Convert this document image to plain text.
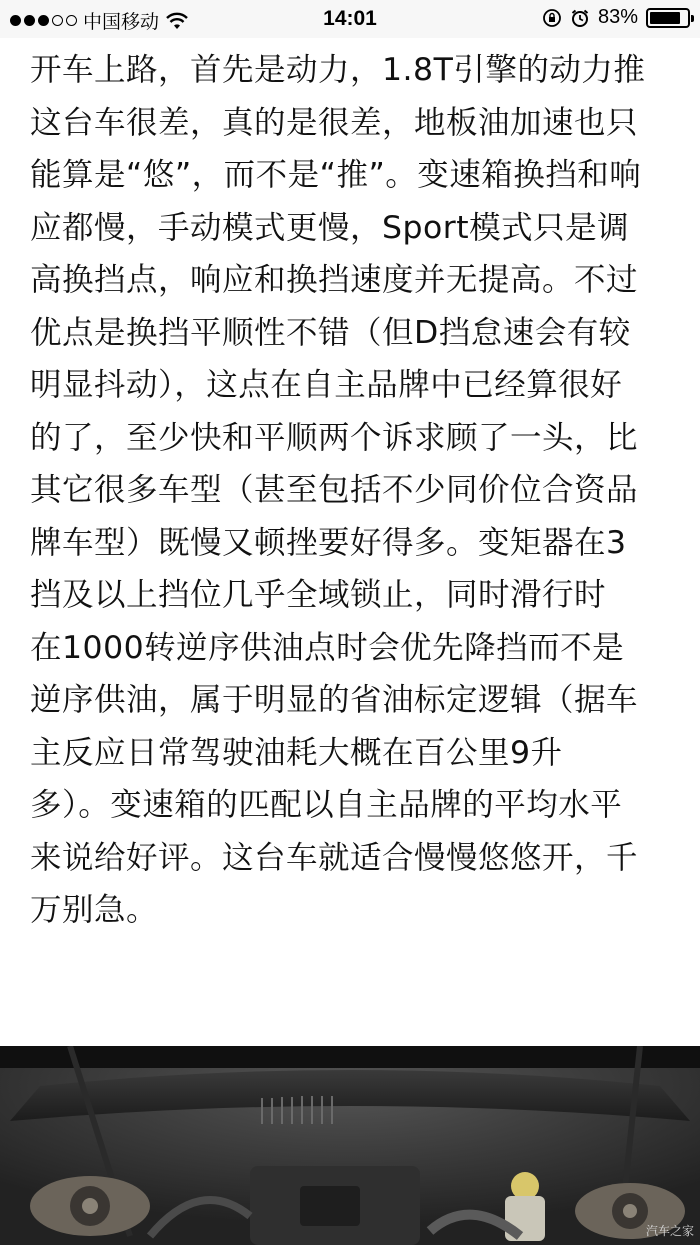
中国移动	14:01	83%

开车上路，首先是动力，1.8T引擎的动力推

这台车很差，真的是很差，地板油加速也只

能算是“悠”，而不是“推”。变速箱换挡和响

应都慢，手动模式更慢，Sport模式只是调

高换挡点，响应和换挡速度并无提高。不过

优点是换挡平顺性不错（但D挡怠速会有较

明显抖动），这点在自主品牌中已经算很好

的了，至少快和平顺两个诉求顾了一头，比

其它很多车型（甚至包括不少同价位合资品

牌车型）既慢又顿挫要好得多。变矩器在3

挡及以上挡位几乎全域锁止，同时滑行时

在1000转逆序供油点时会优先降挡而不是

逆序供油，属于明显的省油标定逻辑（据车

主反应日常驾驶油耗大概在百公里9升

多）。变速箱的匹配以自主品牌的平均水平

来说给好评。这台车就适合慢慢悠悠开，千

万别急。

汽车之家
